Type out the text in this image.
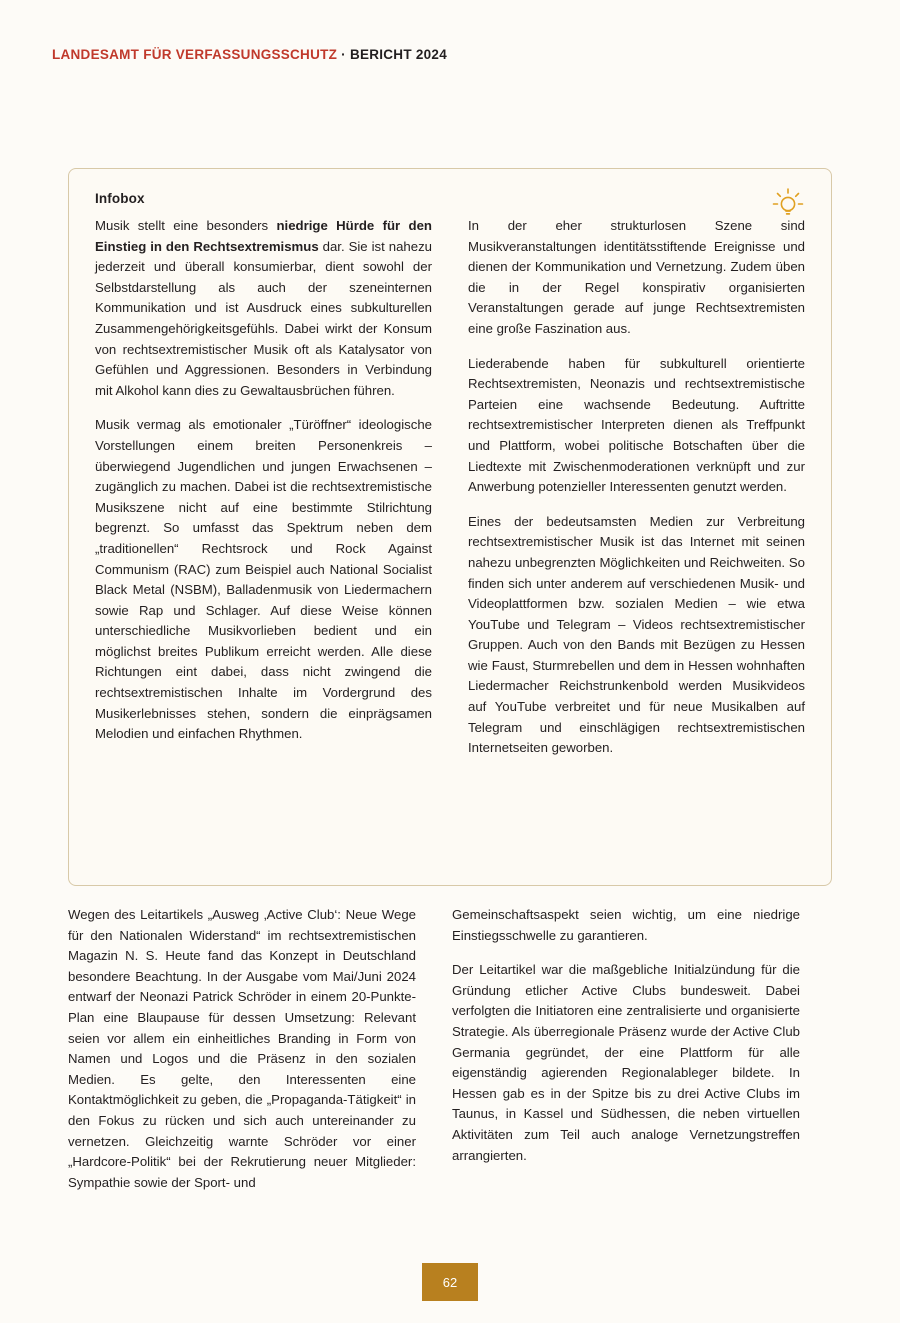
LANDESAMT FÜR VERFASSUNGSSCHUTZ · BERICHT 2024
Infobox

Musik stellt eine besonders niedrige Hürde für den Einstieg in den Rechtsextremismus dar. Sie ist nahezu jederzeit und überall konsumierbar, dient sowohl der Selbstdarstellung als auch der szeneinternen Kommunikation und ist Ausdruck eines subkulturellen Zusammengehörigkeitsgefühls. Dabei wirkt der Konsum von rechtsextremistischer Musik oft als Katalysator von Gefühlen und Aggressionen. Besonders in Verbindung mit Alkohol kann dies zu Gewaltausbrüchen führen.

Musik vermag als emotionaler „Türöffner“ ideologische Vorstellungen einem breiten Personenkreis – überwiegend Jugendlichen und jungen Erwachsenen – zugänglich zu machen. Dabei ist die rechtsextremistische Musikszene nicht auf eine bestimmte Stilrichtung begrenzt. So umfasst das Spektrum neben dem „traditionellen“ Rechtsrock und Rock Against Communism (RAC) zum Beispiel auch National Socialist Black Metal (NSBM), Balladenmusik von Liedermachern sowie Rap und Schlager. Auf diese Weise können unterschiedliche Musikvorlieben bedient und ein möglichst breites Publikum erreicht werden. Alle diese Richtungen eint dabei, dass nicht zwingend die rechtsextremistischen Inhalte im Vordergrund des Musikerlebnisses stehen, sondern die einprägsamen Melodien und einfachen Rhythmen.

In der eher strukturlosen Szene sind Musikveranstaltungen identitätsstiftende Ereignisse und dienen der Kommunikation und Vernetzung. Zudem üben die in der Regel konspirativ organisierten Veranstaltungen gerade auf junge Rechtsextremisten eine große Faszination aus.

Liederabende haben für subkulturell orientierte Rechtsextremisten, Neonazis und rechtsextremistische Parteien eine wachsende Bedeutung. Auftritte rechtsextremistischer Interpreten dienen als Treffpunkt und Plattform, wobei politische Botschaften über die Liedtexte mit Zwischenmoderationen verknüpft und zur Anwerbung potenzieller Interessenten genutzt werden.

Eines der bedeutsamsten Medien zur Verbreitung rechtsextremistischer Musik ist das Internet mit seinen nahezu unbegrenzten Möglichkeiten und Reichweiten. So finden sich unter anderem auf verschiedenen Musik- und Videoplattformen bzw. sozialen Medien – wie etwa YouTube und Telegram – Videos rechtsextremistischer Gruppen. Auch von den Bands mit Bezügen zu Hessen wie Faust, Sturmrebellen und dem in Hessen wohnhaften Liedermacher Reichstrunkenbold werden Musikvideos auf YouTube verbreitet und für neue Musikalben auf Telegram und einschlägigen rechtsextremistischen Internetseiten geworben.

Wegen des Leitartikels „Ausweg ‚Active Club‘: Neue Wege für den Nationalen Widerstand“ im rechtsextremistischen Magazin N. S. Heute fand das Konzept in Deutschland besondere Beachtung. In der Ausgabe vom Mai/Juni 2024 entwarf der Neonazi Patrick Schröder in einem 20-Punkte-Plan eine Blaupause für dessen Umsetzung: Relevant seien vor allem ein einheitliches Branding in Form von Namen und Logos und die Präsenz in den sozialen Medien. Es gelte, den Interessenten eine Kontaktmöglichkeit zu geben, die „Propaganda-Tätigkeit“ in den Fokus zu rücken und sich auch untereinander zu vernetzen. Gleichzeitig warnte Schröder vor einer „Hardcore-Politik“ bei der Rekrutierung neuer Mitglieder: Sympathie sowie der Sport- und

Gemeinschaftsaspekt seien wichtig, um eine niedrige Einstiegsschwelle zu garantieren.

Der Leitartikel war die maßgebliche Initialzündung für die Gründung etlicher Active Clubs bundesweit. Dabei verfolgten die Initiatoren eine zentralisierte und organisierte Strategie. Als überregionale Präsenz wurde der Active Club Germania gegründet, der eine Plattform für alle eigenständig agierenden Regionalableger bildete. In Hessen gab es in der Spitze bis zu drei Active Clubs im Taunus, in Kassel und Südhessen, die neben virtuellen Aktivitäten zum Teil auch analoge Vernetzungstreffen arrangierten.

62
